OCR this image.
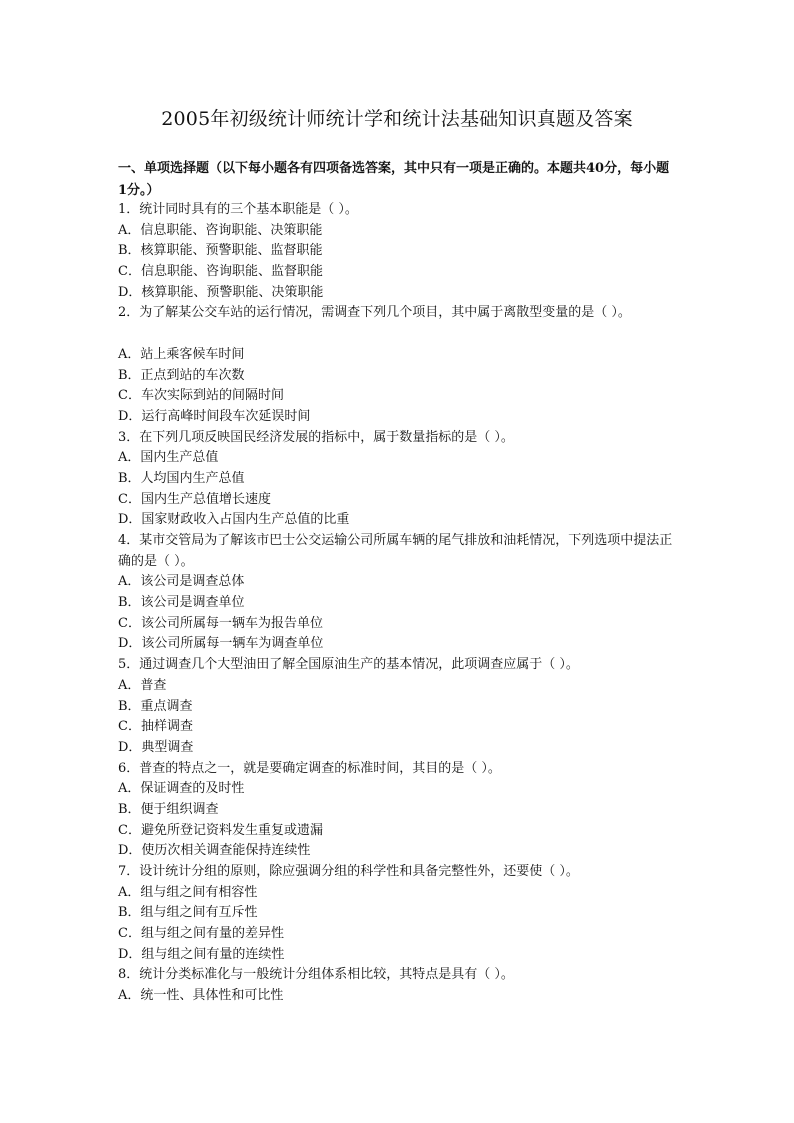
2005年初级统计师统计学和统计法基础知识真题及答案
一、单项选择题（以下每小题各有四项备选答案，其中只有一项是正确的。本题共40分，每小题1分。）
1．统计同时具有的三个基本职能是（ ）。
A．信息职能、咨询职能、决策职能
B．核算职能、预警职能、监督职能
C．信息职能、咨询职能、监督职能
D．核算职能、预警职能、决策职能
2．为了解某公交车站的运行情况，需调查下列几个项目，其中属于离散型变量的是（ ）。
A．站上乘客候车时间
B．正点到站的车次数
C．车次实际到站的间隔时间
D．运行高峰时间段车次延误时间
3．在下列几项反映国民经济发展的指标中，属于数量指标的是（ ）。
A．国内生产总值
B．人均国内生产总值
C．国内生产总值增长速度
D．国家财政收入占国内生产总值的比重
4．某市交管局为了解该市巴士公交运输公司所属车辆的尾气排放和油耗情况，下列选项中提法正确的是（ ）。
A．该公司是调查总体
B．该公司是调查单位
C．该公司所属每一辆车为报告单位
D．该公司所属每一辆车为调查单位
5．通过调查几个大型油田了解全国原油生产的基本情况，此项调查应属于（ ）。
A．普查
B．重点调查
C．抽样调查
D．典型调查
6．普查的特点之一，就是要确定调查的标准时间，其目的是（ ）。
A．保证调查的及时性
B．便于组织调查
C．避免所登记资料发生重复或遗漏
D．使历次相关调查能保持连续性
7．设计统计分组的原则，除应强调分组的科学性和具备完整性外，还要使（ ）。
A．组与组之间有相容性
B．组与组之间有互斥性
C．组与组之间有量的差异性
D．组与组之间有量的连续性
8．统计分类标准化与一般统计分组体系相比较，其特点是具有（ ）。
A．统一性、具体性和可比性
